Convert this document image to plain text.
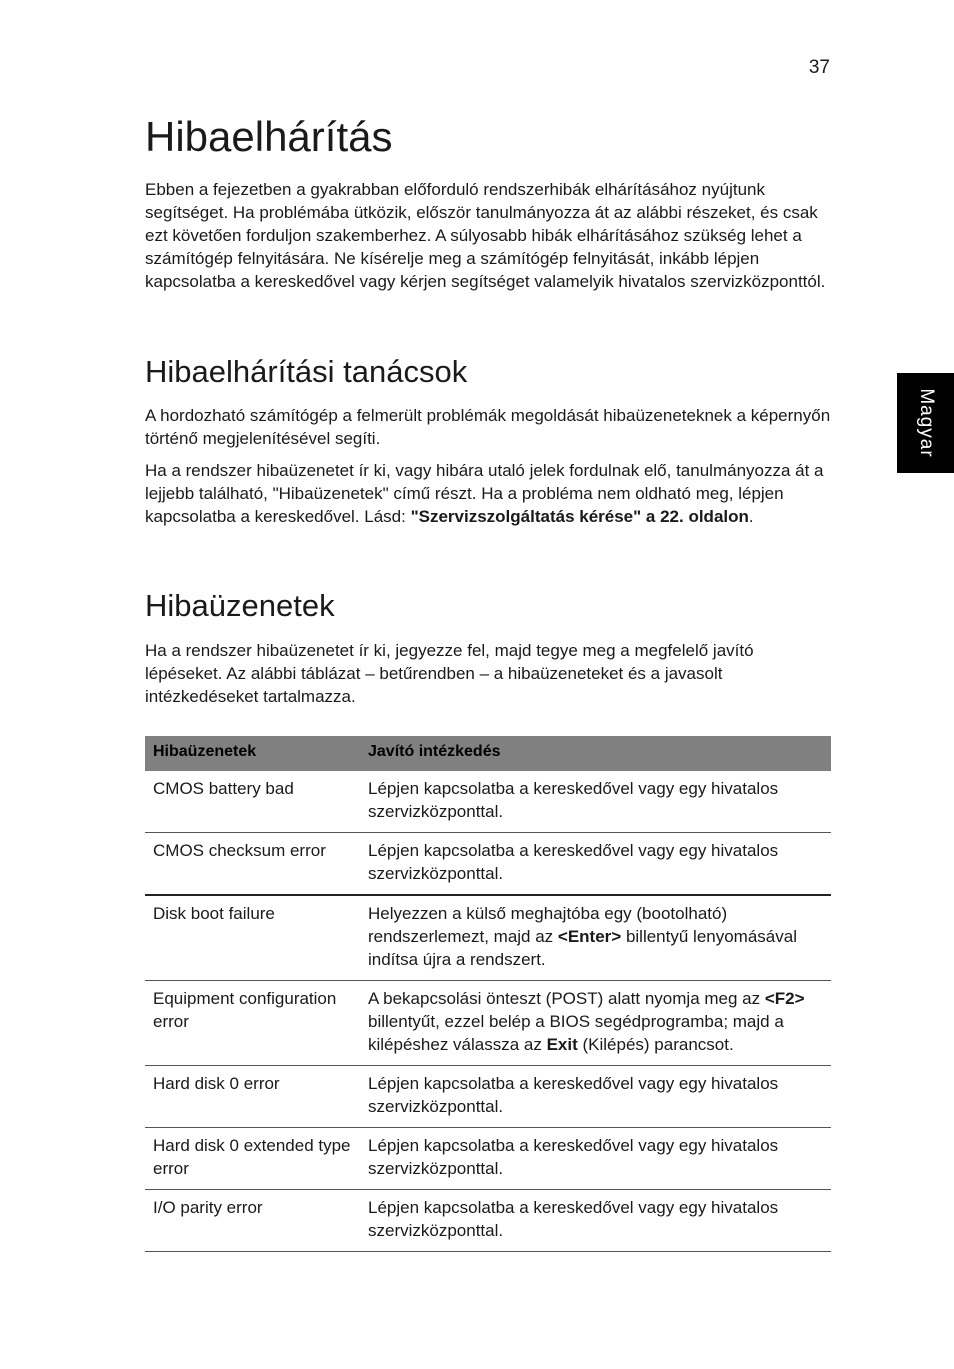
37
Magyar
Hibaelhárítás

Ebben a fejezetben a gyakrabban előforduló rendszerhibák elhárításához nyújtunk segítséget. Ha problémába ütközik, először tanulmányozza át az alábbi részeket, és csak ezt követően forduljon szakemberhez. A súlyosabb hibák elhárításához szükség lehet a számítógép felnyitására. Ne kísérelje meg a számítógép felnyitását, inkább lépjen kapcsolatba a kereskedővel vagy kérjen segítséget valamelyik hivatalos szervizközponttól.

Hibaelhárítási tanácsok

A hordozható számítógép a felmerült problémák megoldását hibaüzeneteknek a képernyőn történő megjelenítésével segíti.

Ha a rendszer hibaüzenetet ír ki, vagy hibára utaló jelek fordulnak elő, tanulmányozza át a lejjebb található, "Hibaüzenetek" című részt. Ha a probléma nem oldható meg, lépjen kapcsolatba a kereskedővel. Lásd: "Szervizszolgáltatás kérése" a 22. oldalon.

Hibaüzenetek

Ha a rendszer hibaüzenetet ír ki, jegyezze fel, majd tegye meg a megfelelő javító lépéseket. Az alábbi táblázat – betűrendben – a hibaüzeneteket és a javasolt intézkedéseket tartalmazza.

Hibaüzenetek	Javító intézkedés
CMOS battery bad	Lépjen kapcsolatba a kereskedővel vagy egy hivatalos szervizközponttal.
CMOS checksum error	Lépjen kapcsolatba a kereskedővel vagy egy hivatalos szervizközponttal.
Disk boot failure	Helyezzen a külső meghajtóba egy (bootolható) rendszerlemezt, majd az <Enter> billentyű lenyomásával indítsa újra a rendszert.
Equipment configuration error	A bekapcsolási önteszt (POST) alatt nyomja meg az <F2> billentyűt, ezzel belép a BIOS segédprogramba; majd a kilépéshez válassza az Exit (Kilépés) parancsot.
Hard disk 0 error	Lépjen kapcsolatba a kereskedővel vagy egy hivatalos szervizközponttal.
Hard disk 0 extended type error	Lépjen kapcsolatba a kereskedővel vagy egy hivatalos szervizközponttal.
I/O parity error	Lépjen kapcsolatba a kereskedővel vagy egy hivatalos szervizközponttal.
